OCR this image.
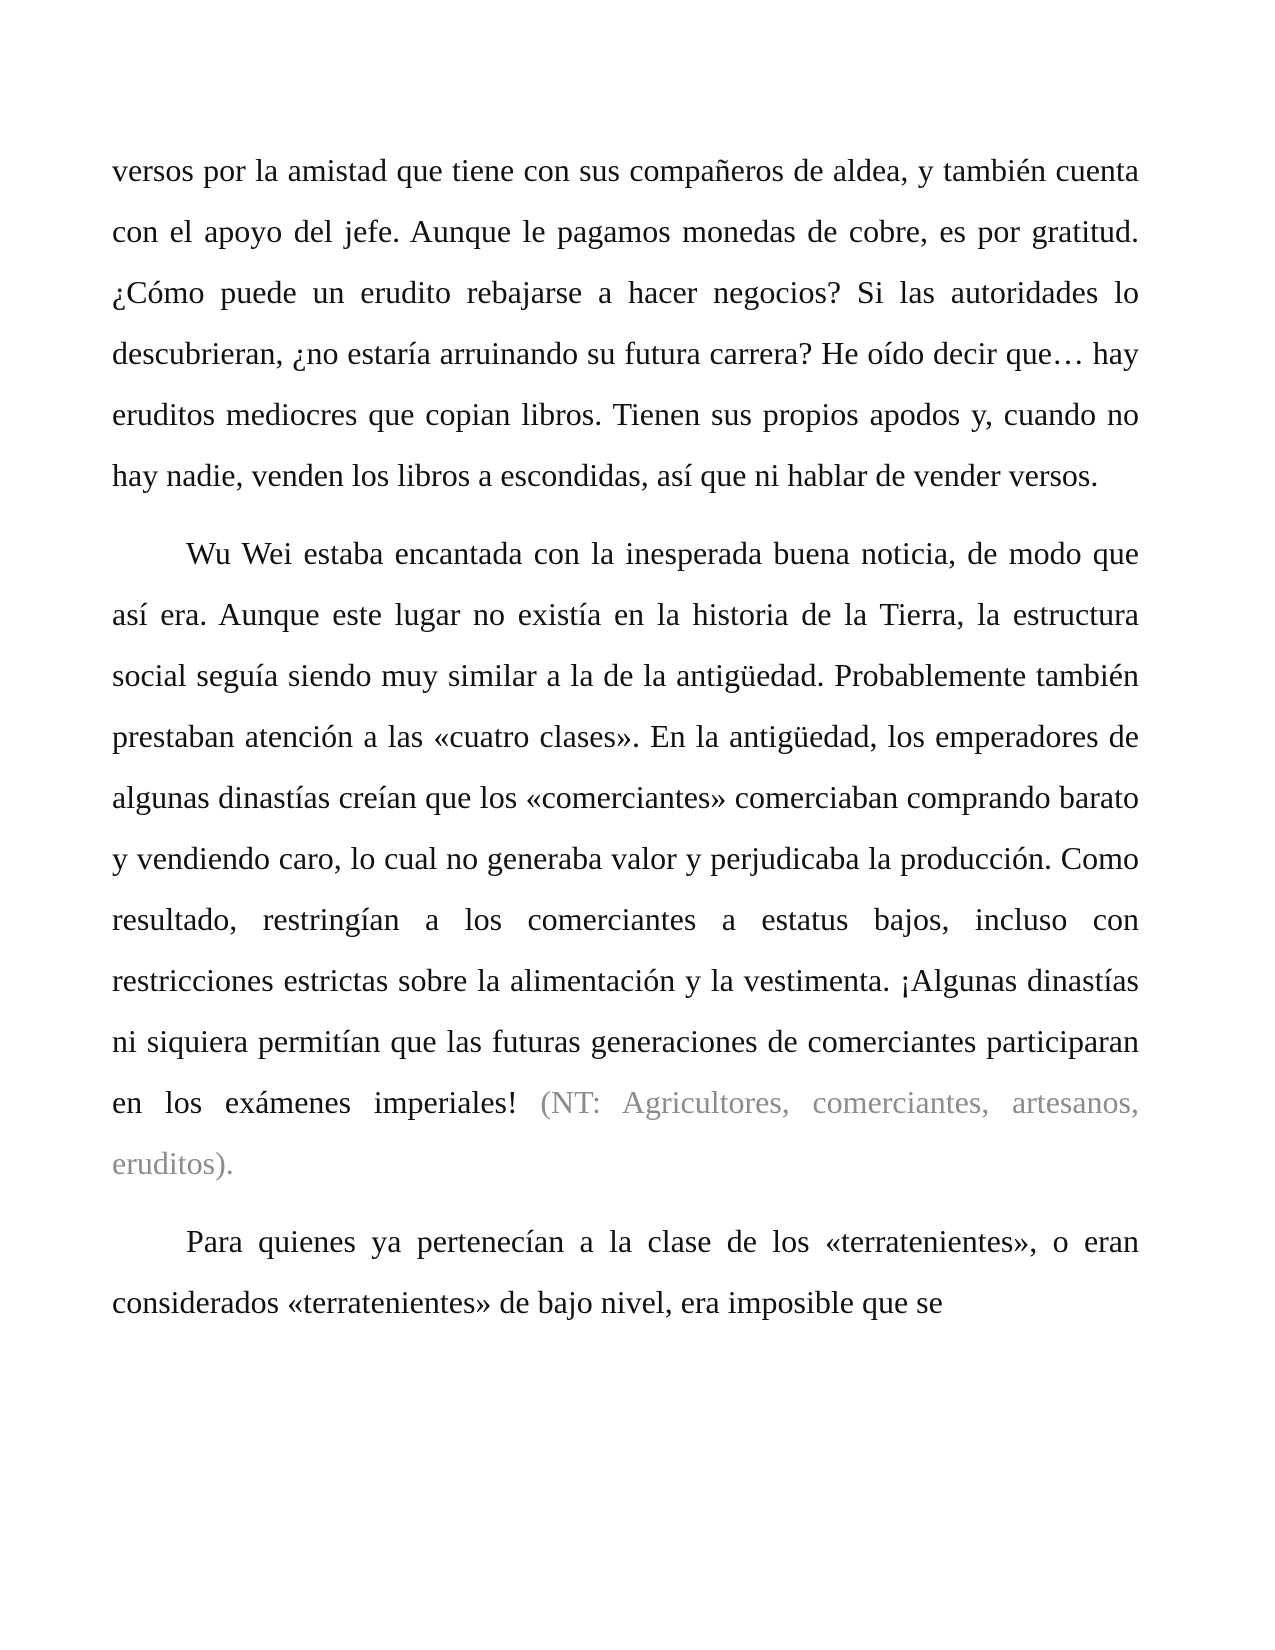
versos por la amistad que tiene con sus compañeros de aldea, y también cuenta con el apoyo del jefe. Aunque le pagamos monedas de cobre, es por gratitud. ¿Cómo puede un erudito rebajarse a hacer negocios? Si las autoridades lo descubrieran, ¿no estaría arruinando su futura carrera? He oído decir que… hay eruditos mediocres que copian libros. Tienen sus propios apodos y, cuando no hay nadie, venden los libros a escondidas, así que ni hablar de vender versos.

Wu Wei estaba encantada con la inesperada buena noticia, de modo que así era. Aunque este lugar no existía en la historia de la Tierra, la estructura social seguía siendo muy similar a la de la antigüedad. Probablemente también prestaban atención a las «cuatro clases». En la antigüedad, los emperadores de algunas dinastías creían que los «comerciantes» comerciaban comprando barato y vendiendo caro, lo cual no generaba valor y perjudicaba la producción. Como resultado, restringían a los comerciantes a estatus bajos, incluso con restricciones estrictas sobre la alimentación y la vestimenta. ¡Algunas dinastías ni siquiera permitían que las futuras generaciones de comerciantes participaran en los exámenes imperiales! (NT: Agricultores, comerciantes, artesanos, eruditos).

Para quienes ya pertenecían a la clase de los «terratenientes», o eran considerados «terratenientes» de bajo nivel, era imposible que se
